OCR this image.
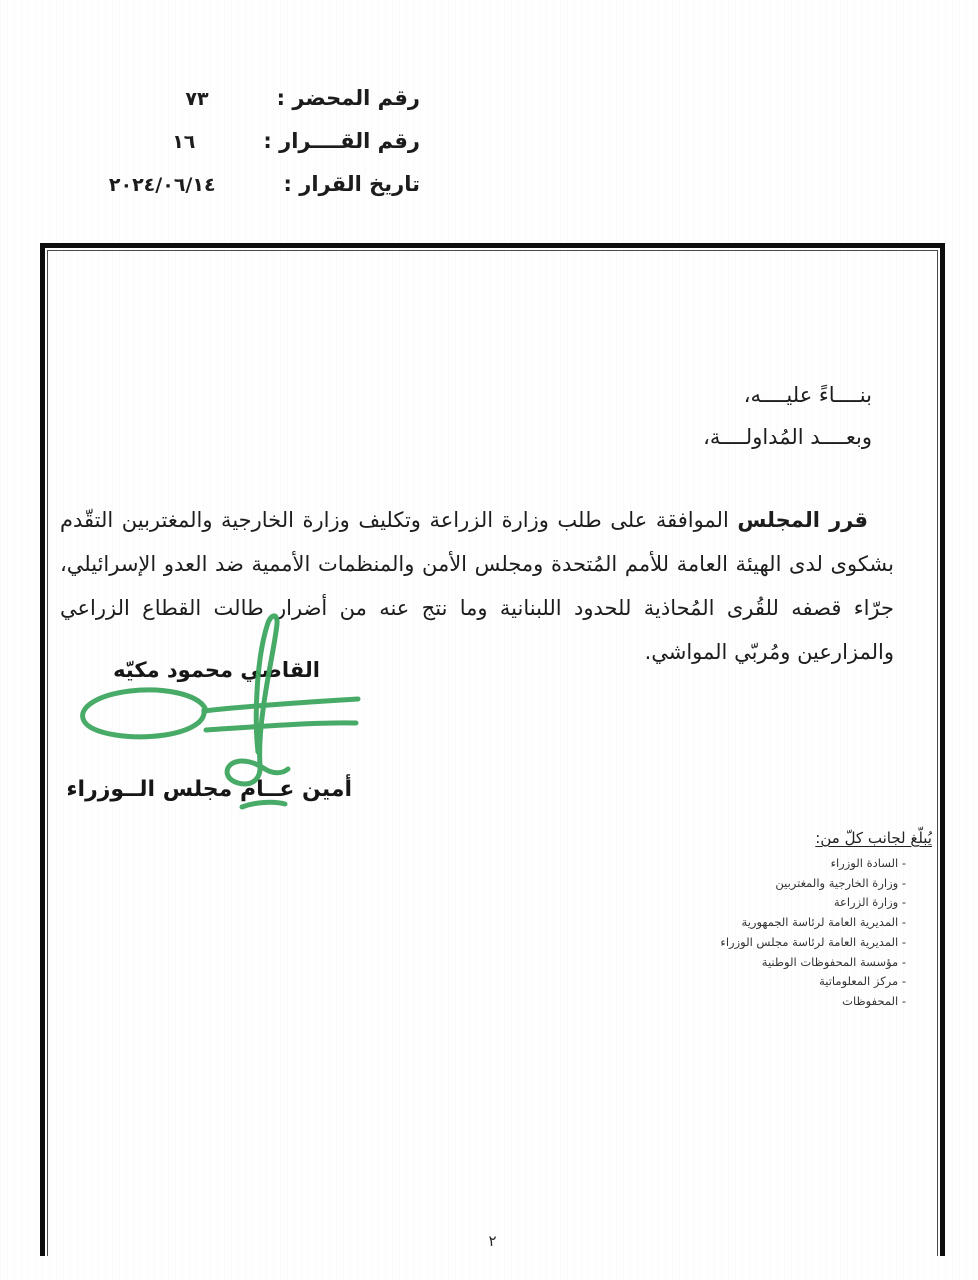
رقم المحضر :
٧٣
رقم القــــرار :
١٦
تاريخ القرار :
٢٠٢٤/٠٦/١٤
بنــــاءً عليــــه،
وبعــــد المُداولــــة،

قرر المجلس الموافقة على طلب وزارة الزراعة وتكليف وزارة الخارجية والمغتربين التقّدم بشكوى لدى الهيئة العامة للأمم المُتحدة ومجلس الأمن والمنظمات الأممية ضد العدو الإسرائيلي، جرّاء قصفه للقُرى المُحاذية للحدود اللبنانية وما نتج عنه من أضرار طالت القطاع الزراعي والمزارعين ومُربّي المواشي.

القاضي محمود مكيّه
أمين عــام مجلس الــوزراء
يُبلّغ لجانب كلّ من:
- السادة الوزراء
- وزارة الخارجية والمغتربين
- وزارة الزراعة
- المديرية العامة لرئاسة الجمهورية
- المديرية العامة لرئاسة مجلس الوزراء
- مؤسسة المحفوظات الوطنية
- مركز المعلوماتية
- المحفوظات
٢
